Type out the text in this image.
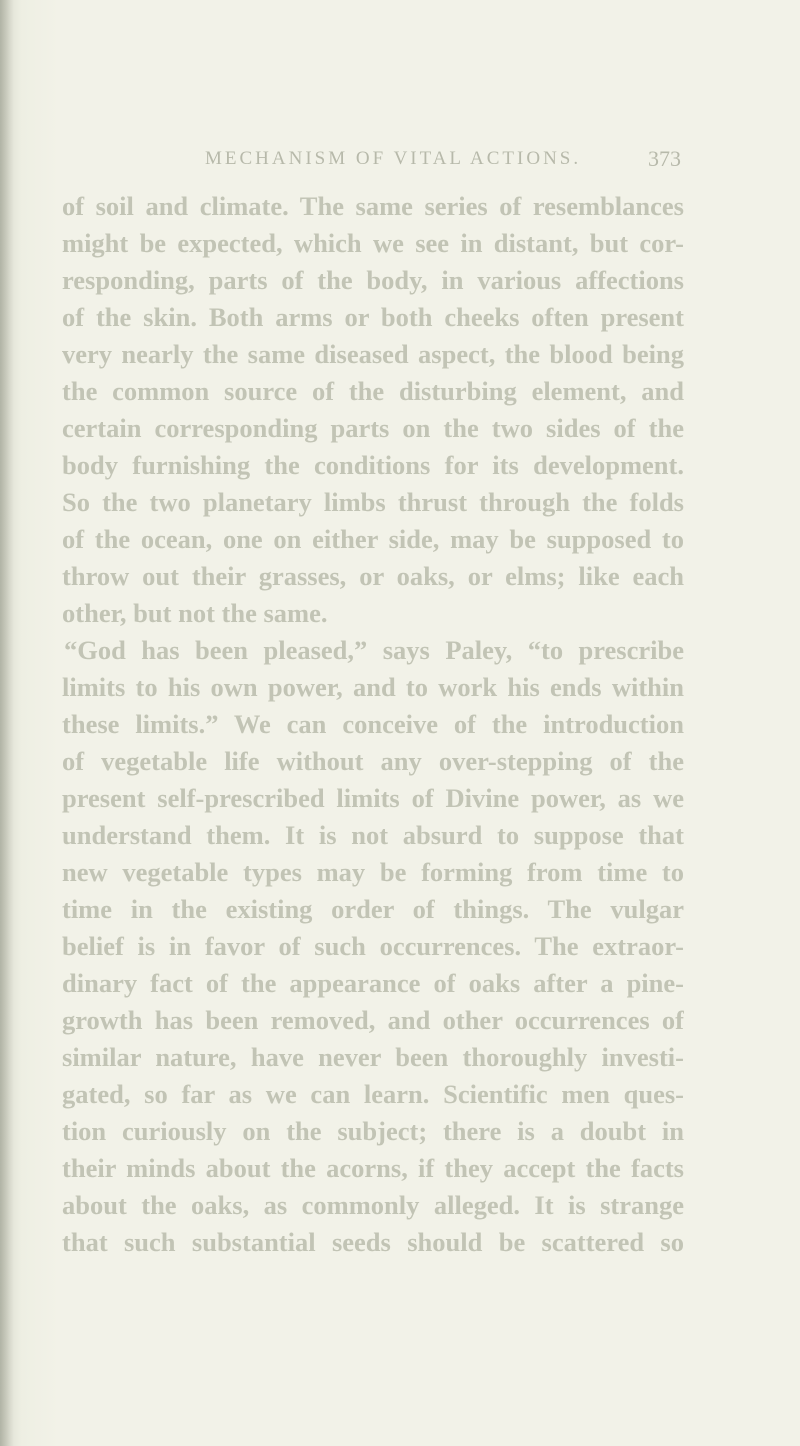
MECHANISM OF VITAL ACTIONS.	373
of soil and climate. The same series of resemblances
might be expected, which we see in distant, but cor-
responding, parts of the body, in various affections
of the skin. Both arms or both cheeks often present
very nearly the same diseased aspect, the blood being
the common source of the disturbing element, and
certain corresponding parts on the two sides of the
body furnishing the conditions for its development.
So the two planetary limbs thrust through the folds
of the ocean, one on either side, may be supposed to
throw out their grasses, or oaks, or elms; like each
other, but not the same.
“God has been pleased,” says Paley, “to prescribe
limits to his own power, and to work his ends within
these limits.” We can conceive of the introduction
of vegetable life without any over-stepping of the
present self-prescribed limits of Divine power, as we
understand them. It is not absurd to suppose that
new vegetable types may be forming from time to
time in the existing order of things. The vulgar
belief is in favor of such occurrences. The extraor-
dinary fact of the appearance of oaks after a pine-
growth has been removed, and other occurrences of
similar nature, have never been thoroughly investi-
gated, so far as we can learn. Scientific men ques-
tion curiously on the subject; there is a doubt in
their minds about the acorns, if they accept the facts
about the oaks, as commonly alleged. It is strange
that such substantial seeds should be scattered so
